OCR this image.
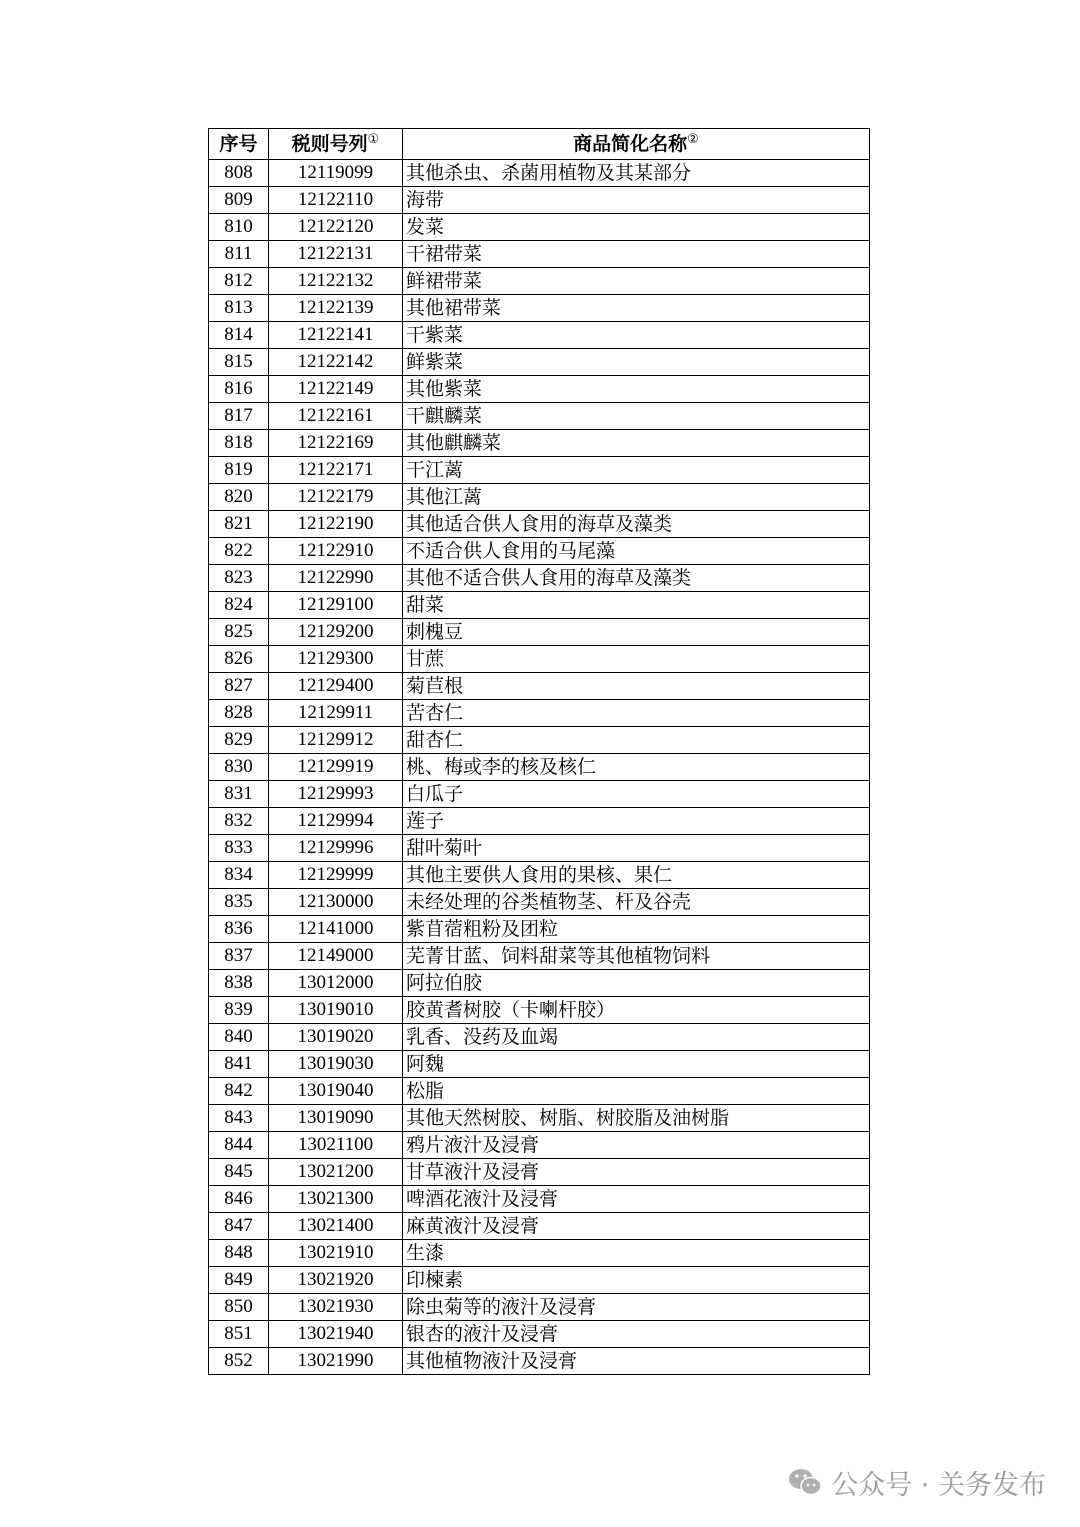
序号	税则号列①	商品简化名称②
808	12119099	其他杀虫、杀菌用植物及其某部分
809	12122110	海带
810	12122120	发菜
811	12122131	干裙带菜
812	12122132	鲜裙带菜
813	12122139	其他裙带菜
814	12122141	干紫菜
815	12122142	鲜紫菜
816	12122149	其他紫菜
817	12122161	干麒麟菜
818	12122169	其他麒麟菜
819	12122171	干江蓠
820	12122179	其他江蓠
821	12122190	其他适合供人食用的海草及藻类
822	12122910	不适合供人食用的马尾藻
823	12122990	其他不适合供人食用的海草及藻类
824	12129100	甜菜
825	12129200	刺槐豆
826	12129300	甘蔗
827	12129400	菊苣根
828	12129911	苦杏仁
829	12129912	甜杏仁
830	12129919	桃、梅或李的核及核仁
831	12129993	白瓜子
832	12129994	莲子
833	12129996	甜叶菊叶
834	12129999	其他主要供人食用的果核、果仁
835	12130000	未经处理的谷类植物茎、杆及谷壳
836	12141000	紫苜蓿粗粉及团粒
837	12149000	芜菁甘蓝、饲料甜菜等其他植物饲料
838	13012000	阿拉伯胶
839	13019010	胶黄耆树胶（卡喇杆胶）
840	13019020	乳香、没药及血竭
841	13019030	阿魏
842	13019040	松脂
843	13019090	其他天然树胶、树脂、树胶脂及油树脂
844	13021100	鸦片液汁及浸膏
845	13021200	甘草液汁及浸膏
846	13021300	啤酒花液汁及浸膏
847	13021400	麻黄液汁及浸膏
848	13021910	生漆
849	13021920	印楝素
850	13021930	除虫菊等的液汁及浸膏
851	13021940	银杏的液汁及浸膏
852	13021990	其他植物液汁及浸膏
公众号 · 关务发布
